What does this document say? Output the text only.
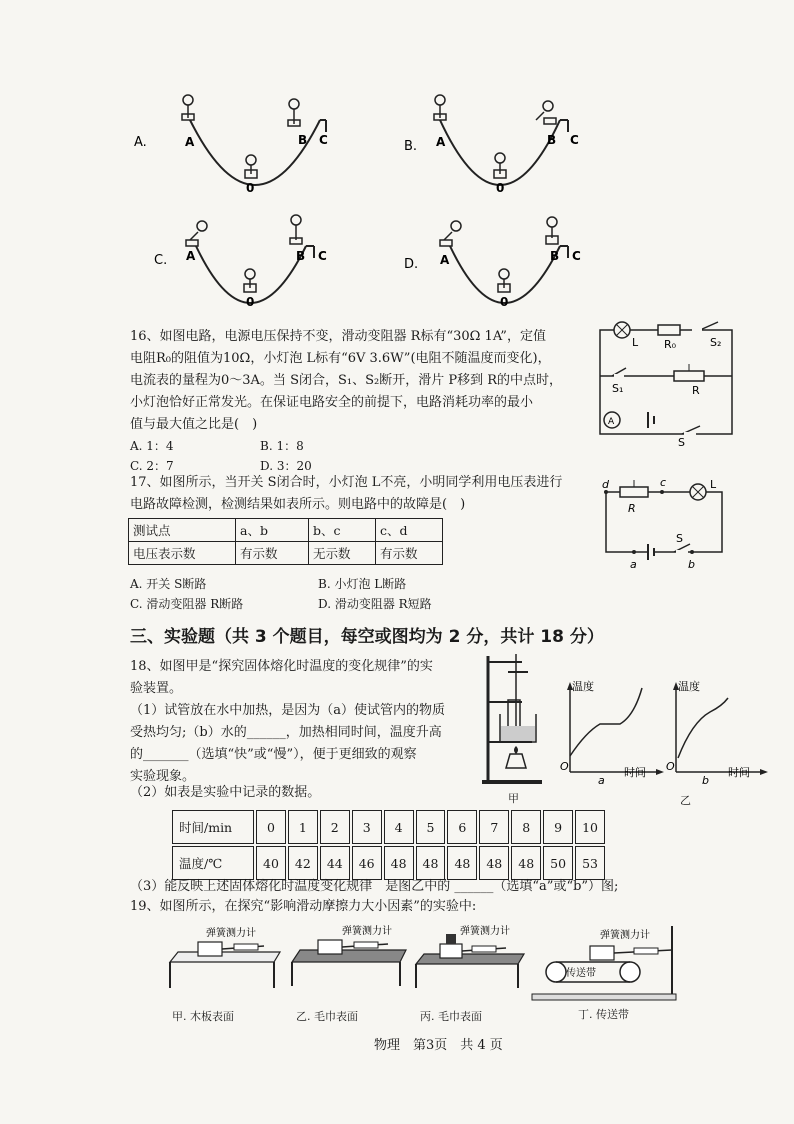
A.	A	B C
0
B. A	B C
0
C. A	B C
0
D. A	B C
0
16、如图电路，电源电压保持不变，滑动变阻器 R标有“30Ω 1A”，定值
电阻R₀的阻值为10Ω，小灯泡 L标有“6V 3.6W”(电阻不随温度而变化)，
电流表的量程为0～3A。当 S闭合，S₁、S₂断开，滑片 P移到 R的中点时，
小灯泡恰好正常发光。在保证电路安全的前提下，电路消耗功率的最小
值与最大值之比是(　)
A. 1：4	B. 1：8
C. 2：7	D. 3：20
L R₀	S₂
S₁	R
A
S
17、如图所示，当开关 S闭合时，小灯泡 L不亮，小明同学利用电压表进行
电路故障检测，检测结果如表所示。则电路中的故障是(　)
测试点	a、b	b、c	c、d
电压表示数	有示数	无示数	有示数
A. 开关 S断路	B. 小灯泡 L断路
C. 滑动变阻器 R断路	D. 滑动变阻器 R短路
d	c	L
R
S
a	b
三、实验题（共 3 个题目，每空或图均为 2 分，共计 18 分）
18、如图甲是“探究固体熔化时温度的变化规律”的实
验装置。
（1）试管放在水中加热，是因为（a）使试管内的物质
受热均匀;（b）水的______，加热相同时间，温度升高
的_______（选填“快”或“慢”），便于更细致的观察
实验现象。
（2）如表是实验中记录的数据。	甲	乙
温度
O	时间
a
温度
O	时间
b
时间/min	0	1	2	3	4	5	6	7	8	9	10
温度/℃	40	42	44	46	48	48	48	48	48	50	53
（3）能反映上述固体熔化时温度变化规律　是图乙中的 ______（选填“a”或“b”）图;
19、如图所示，在探究“影响滑动摩擦力大小因素”的实验中:
弹簧测力计
甲. 木板表面
弹簧测力计
乙. 毛巾表面
弹簧测力计
丙. 毛巾表面
弹簧测力计
传送带
丁. 传送带
物理　第3页　共 4 页
